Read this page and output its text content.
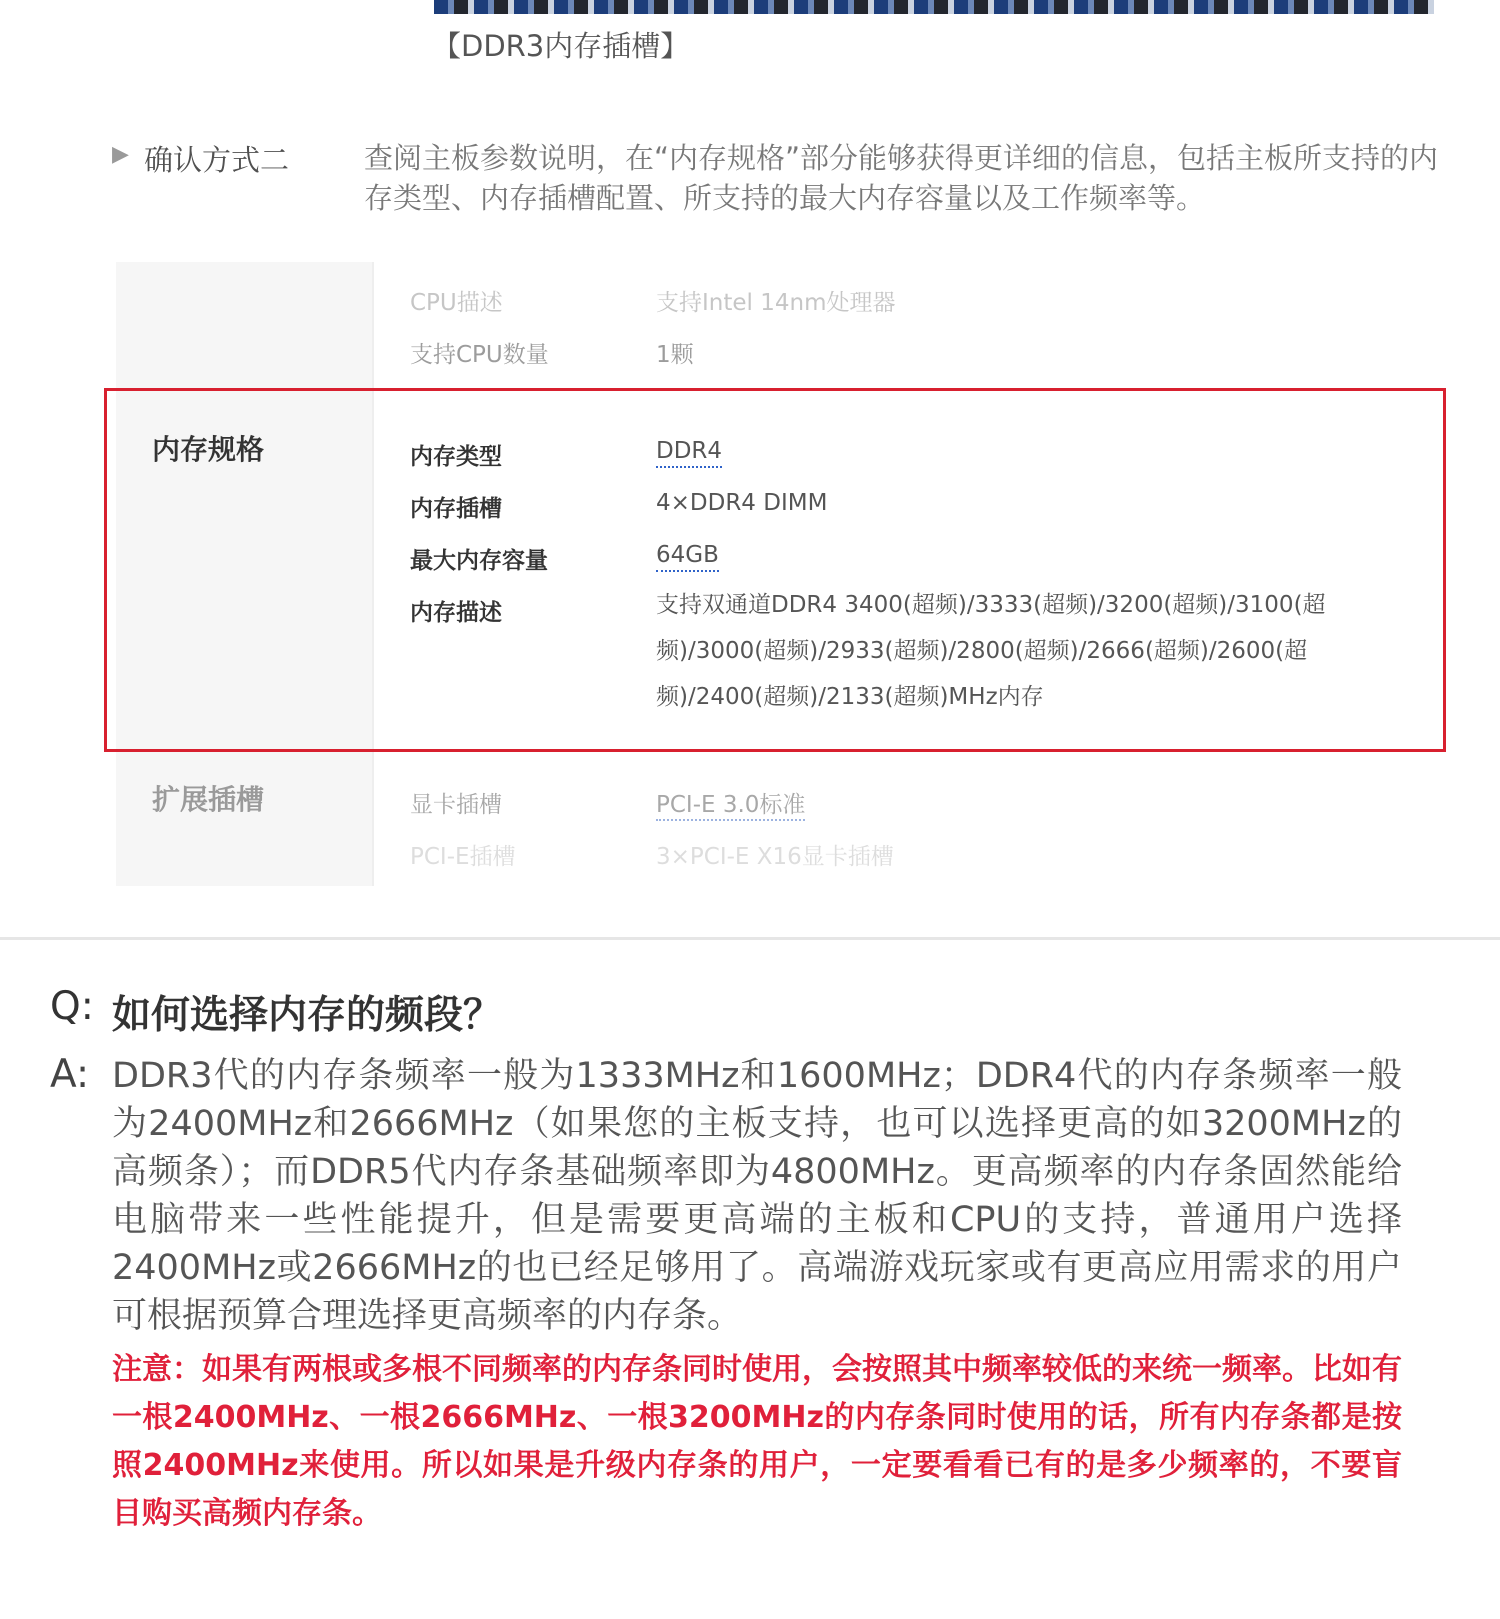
【DDR3内存插槽】
▶ 确认方式二	查阅主板参数说明，在“内存规格”部分能够获得更详细的信息，包括主板所支持的内存类型、内存插槽配置、所支持的最大内存容量以及工作频率等。
CPU描述	支持Intel 14nm处理器
支持CPU数量	1颗
内存规格	内存类型	DDR4
内存插槽	4×DDR4 DIMM
最大内存容量	64GB
内存描述	支持双通道DDR4 3400(超频)/3333(超频)/3200(超频)/3100(超频)/3000(超频)/2933(超频)/2800(超频)/2666(超频)/2600(超频)/2400(超频)/2133(超频)MHz内存
扩展插槽	显卡插槽	PCI-E 3.0标准
PCI-E插槽	3×PCI-E X16显卡插槽
Q: 如何选择内存的频段？
A: DDR3代的内存条频率一般为1333MHz和1600MHz；DDR4代的内存条频率一般为2400MHz和2666MHz（如果您的主板支持，也可以选择更高的如3200MHz的高频条）；而DDR5代内存条基础频率即为4800MHz。更高频率的内存条固然能给电脑带来一些性能提升，但是需要更高端的主板和CPU的支持，普通用户选择2400MHz或2666MHz的也已经足够用了。高端游戏玩家或有更高应用需求的用户可根据预算合理选择更高频率的内存条。
注意：如果有两根或多根不同频率的内存条同时使用，会按照其中频率较低的来统一频率。比如有一根2400MHz、一根2666MHz、一根3200MHz的内存条同时使用的话，所有内存条都是按照2400MHz来使用。所以如果是升级内存条的用户，一定要看看已有的是多少频率的，不要盲目购买高频内存条。
